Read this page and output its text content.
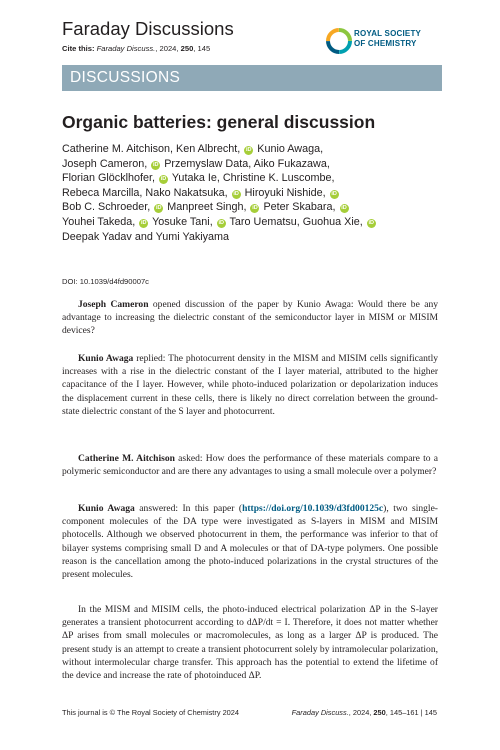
Faraday Discussions
Cite this: Faraday Discuss., 2024, 250, 145
ROYAL SOCIETY
OF CHEMISTRY
DISCUSSIONS
Organic batteries: general discussion
Catherine M. Aitchison, Ken Albrecht, iD Kunio Awaga,
Joseph Cameron, iD Przemyslaw Data, Aiko Fukazawa,
Florian Glöcklhofer, iD Yutaka Ie, Christine K. Luscombe,
Rebeca Marcilla, Nako Nakatsuka, iD Hiroyuki Nishide, iD
Bob C. Schroeder, iD Manpreet Singh, iD Peter Skabara, iD
Youhei Takeda, iD Yosuke Tani, iD Taro Uematsu, Guohua Xie, iD
Deepak Yadav and Yumi Yakiyama
DOI: 10.1039/d4fd90007c
Joseph Cameron opened discussion of the paper by Kunio Awaga: Would there be any advantage to increasing the dielectric constant of the semiconductor layer in MISM or MISIM devices?
Kunio Awaga replied: The photocurrent density in the MISM and MISIM cells significantly increases with a rise in the dielectric constant of the I layer material, attributed to the higher capacitance of the I layer. However, while photo-induced polarization or depolarization induces the displacement current in these cells, there is likely no direct correlation between the ground-state dielectric constant of the S layer and photocurrent.
Catherine M. Aitchison asked: How does the performance of these materials compare to a polymeric semiconductor and are there any advantages to using a small molecule over a polymer?
Kunio Awaga answered: In this paper (https://doi.org/10.1039/d3fd00125c), two single-component molecules of the DA type were investigated as S-layers in MISM and MISIM photocells. Although we observed photocurrent in them, the performance was inferior to that of bilayer systems comprising small D and A molecules or that of DA-type polymers. One possible reason is the cancellation among the photo-induced polarizations in the crystal structures of the present molecules.
In the MISM and MISIM cells, the photo-induced electrical polarization ΔP in the S-layer generates a transient photocurrent according to dΔP/dt = I. Therefore, it does not matter whether ΔP arises from small molecules or macromolecules, as long as a larger ΔP is produced. The present study is an attempt to create a transient photocurrent solely by intramolecular polarization, without intermolecular charge transfer. This approach has the potential to extend the lifetime of the device and increase the rate of photoinduced ΔP.
This journal is © The Royal Society of Chemistry 2024	Faraday Discuss., 2024, 250, 145–161 | 145
